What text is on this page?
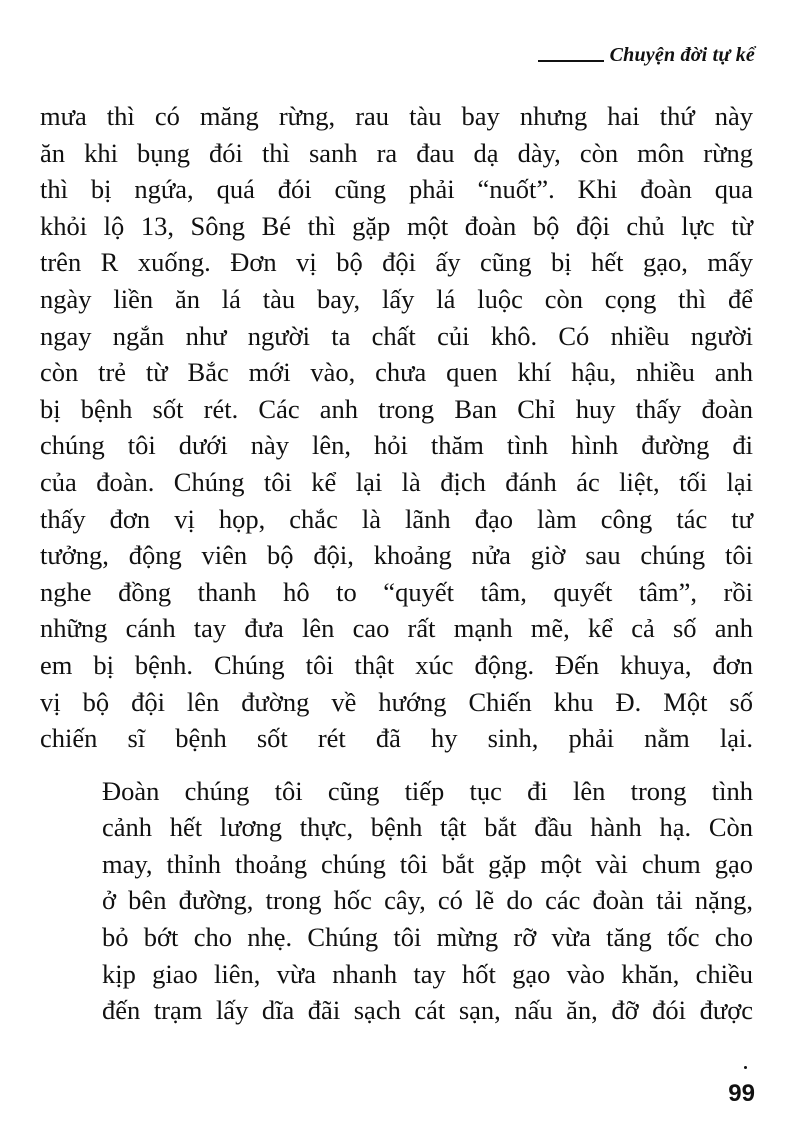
Chuyện đời tự kể

mưa thì có măng rừng, rau tàu bay nhưng hai thứ này
ăn khi bụng đói thì sanh ra đau dạ dày, còn môn rừng
thì bị ngứa, quá đói cũng phải “nuốt”. Khi đoàn qua
khỏi lộ 13, Sông Bé thì gặp một đoàn bộ đội chủ lực từ
trên R xuống. Đơn vị bộ đội ấy cũng bị hết gạo, mấy
ngày liền ăn lá tàu bay, lấy lá luộc còn cọng thì để
ngay ngắn như người ta chất củi khô. Có nhiều người
còn trẻ từ Bắc mới vào, chưa quen khí hậu, nhiều anh
bị bệnh sốt rét. Các anh trong Ban Chỉ huy thấy đoàn
chúng tôi dưới này lên, hỏi thăm tình hình đường đi
của đoàn. Chúng tôi kể lại là địch đánh ác liệt, tối lại
thấy đơn vị họp, chắc là lãnh đạo làm công tác tư
tưởng, động viên bộ đội, khoảng nửa giờ sau chúng tôi
nghe đồng thanh hô to “quyết tâm, quyết tâm”, rồi
những cánh tay đưa lên cao rất mạnh mẽ, kể cả số anh
em bị bệnh. Chúng tôi thật xúc động. Đến khuya, đơn
vị bộ đội lên đường về hướng Chiến khu Đ. Một số
chiến sĩ bệnh sốt rét đã hy sinh, phải nằm lại.

Đoàn chúng tôi cũng tiếp tục đi lên trong tình
cảnh hết lương thực, bệnh tật bắt đầu hành hạ. Còn
may, thỉnh thoảng chúng tôi bắt gặp một vài chum gạo
ở bên đường, trong hốc cây, có lẽ do các đoàn tải nặng,
bỏ bớt cho nhẹ. Chúng tôi mừng rỡ vừa tăng tốc cho
kịp giao liên, vừa nhanh tay hốt gạo vào khăn, chiều
đến trạm lấy dĩa đãi sạch cát sạn, nấu ăn, đỡ đói được

99
